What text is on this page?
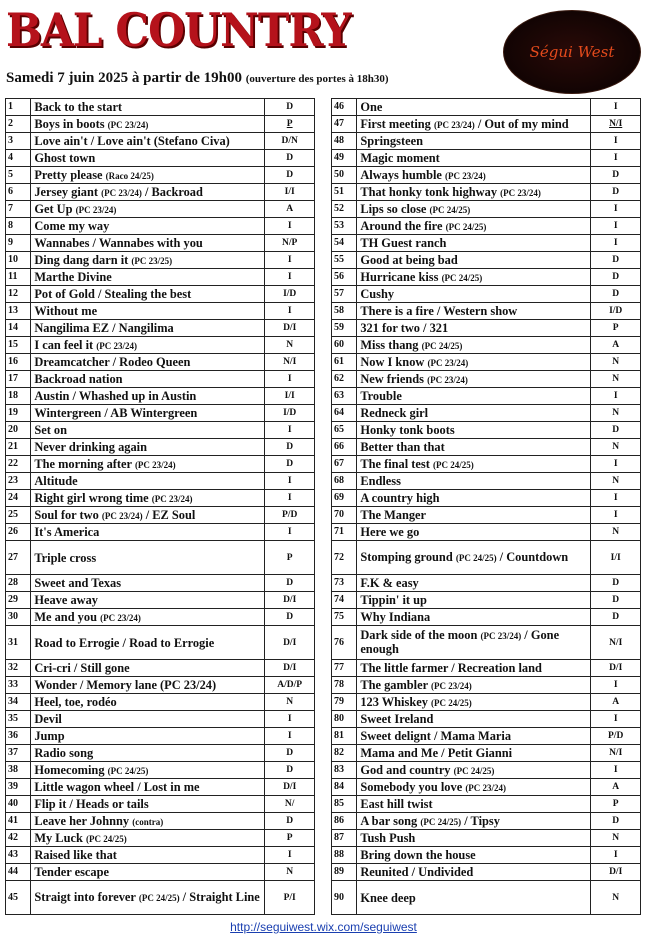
BAL COUNTRY
Samedi 7 juin 2025 à partir de 19h00 (ouverture des portes à 18h30)
Ségui West
1	Back to the start	D
2	Boys in boots (PC 23/24)	P
3	Love ain't / Love ain't (Stefano Civa)	D/N
4	Ghost town	D
5	Pretty please (Raco 24/25)	D
6	Jersey giant (PC 23/24) / Backroad	I/I
7	Get Up (PC 23/24)	A
8	Come my way	I
9	Wannabes / Wannabes with you	N/P
10	Ding dang darn it (PC 23/25)	I
11	Marthe Divine	I
12	Pot of Gold / Stealing the best	I/D
13	Without me	I
14	Nangilima EZ / Nangilima	D/I
15	I can feel it (PC 23/24)	N
16	Dreamcatcher / Rodeo Queen	N/I
17	Backroad nation	I
18	Austin / Whashed up in Austin	I/I
19	Wintergreen / AB Wintergreen	I/D
20	Set on	I
21	Never drinking again	D
22	The morning after (PC 23/24)	D
23	Altitude	I
24	Right girl wrong time (PC 23/24)	I
25	Soul for two (PC 23/24) / EZ Soul	P/D
26	It's America	I
27	Triple cross	P
28	Sweet and Texas	D
29	Heave away	D/I
30	Me and you (PC 23/24)	D
31	Road to Errogie / Road to Errogie	D/I
32	Cri-cri / Still gone	D/I
33	Wonder / Memory lane (PC 23/24)	A/D/P
34	Heel, toe, rodéo	N
35	Devil	I
36	Jump	I
37	Radio song	D
38	Homecoming (PC 24/25)	D
39	Little wagon wheel / Lost in me	D/I
40	Flip it / Heads or tails	N/
41	Leave her Johnny (contra)	D
42	My Luck (PC 24/25)	P
43	Raised like that	I
44	Tender escape	N
45	Straigt into forever (PC 24/25) / Straight Line	P/I
46	One	I
47	First meeting (PC 23/24) / Out of my mind	N/I
48	Springsteen	I
49	Magic moment	I
50	Always humble (PC 23/24)	D
51	That honky tonk highway (PC 23/24)	D
52	Lips so close (PC 24/25)	I
53	Around the fire (PC 24/25)	I
54	TH Guest ranch	I
55	Good at being bad	D
56	Hurricane kiss (PC 24/25)	D
57	Cushy	D
58	There is a fire / Western show	I/D
59	321 for two / 321	P
60	Miss thang (PC 24/25)	A
61	Now I know (PC 23/24)	N
62	New friends (PC 23/24)	N
63	Trouble	I
64	Redneck girl	N
65	Honky tonk boots	D
66	Better than that	N
67	The final test (PC 24/25)	I
68	Endless	N
69	A country high	I
70	The Manger	I
71	Here we go	N
72	Stomping ground (PC 24/25) / Countdown	I/I
73	F.K & easy	D
74	Tippin' it up	D
75	Why Indiana	D
76	Dark side of the moon (PC 23/24) / Gone enough	N/I
77	The little farmer / Recreation land	D/I
78	The gambler (PC 23/24)	I
79	123 Whiskey (PC 24/25)	A
80	Sweet Ireland	I
81	Sweet delignt / Mama Maria	P/D
82	Mama and Me / Petit Gianni	N/I
83	God and country (PC 24/25)	I
84	Somebody you love (PC 23/24)	A
85	East hill twist	P
86	A bar song (PC 24/25) / Tipsy	D
87	Tush Push	N
88	Bring down the house	I
89	Reunited / Undivided	D/I
90	Knee deep	N
http://seguiwest.wix.com/seguiwest
